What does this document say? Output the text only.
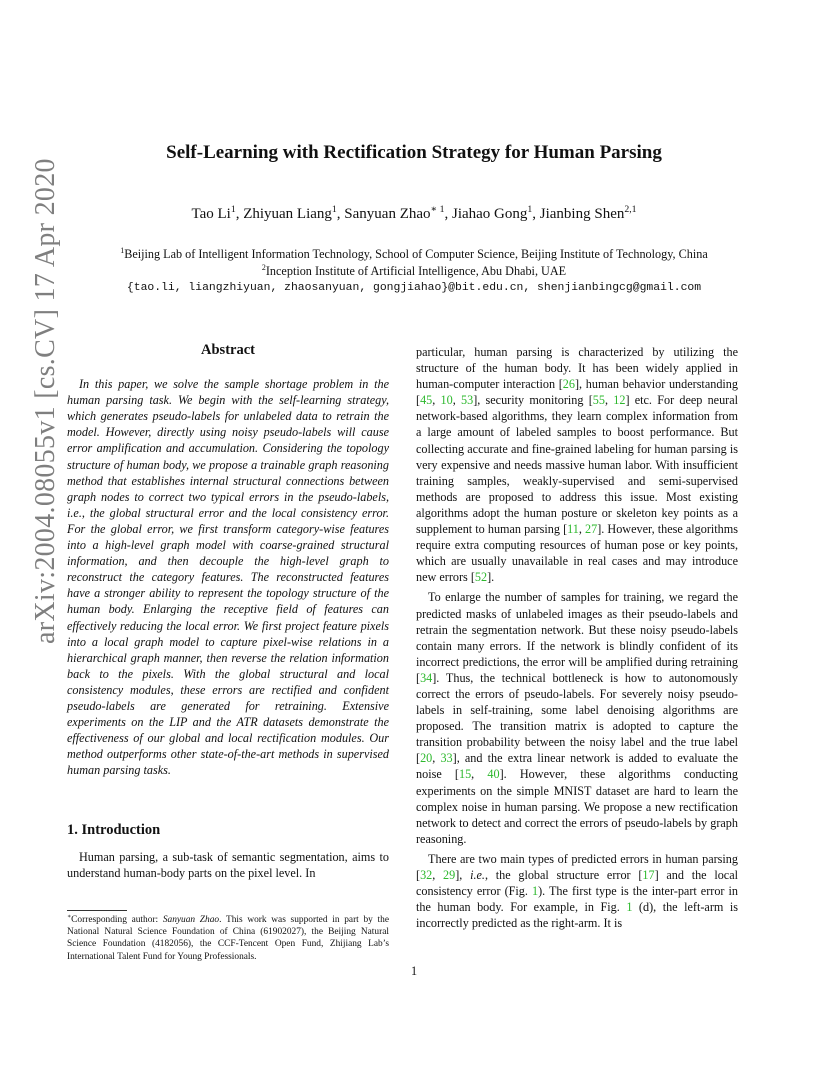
arXiv:2004.08055v1 [cs.CV] 17 Apr 2020
Self-Learning with Rectification Strategy for Human Parsing
Tao Li$^1$, Zhiyuan Liang$^1$, Sanyuan Zhao$^{∗ 1}$, Jiahao Gong$^1$, Jianbing Shen$^{2,1}$
$^1$Beijing Lab of Intelligent Information Technology, School of Computer Science, Beijing Institute of Technology, China
$^2$Inception Institute of Artificial Intelligence, Abu Dhabi, UAE
{tao.li, liangzhiyuan, zhaosanyuan, gongjiahao}@bit.edu.cn, shenjianbingcg@gmail.com
Abstract
In this paper, we solve the sample shortage problem in the human parsing task. We begin with the self-learning strategy, which generates pseudo-labels for unlabeled data to retrain the model. However, directly using noisy pseudo-labels will cause error amplification and accumulation. Considering the topology structure of human body, we propose a trainable graph reasoning method that establishes internal structural connections between graph nodes to correct two typical errors in the pseudo-labels, i.e., the global structural error and the local consistency error. For the global error, we first transform category-wise features into a high-level graph model with coarse-grained structural information, and then decouple the high-level graph to reconstruct the category features. The reconstructed features have a stronger ability to represent the topology structure of the human body. Enlarging the receptive field of features can effectively reducing the local error. We first project feature pixels into a local graph model to capture pixel-wise relations in a hierarchical graph manner, then reverse the relation information back to the pixels. With the global structural and local consistency modules, these errors are rectified and confident pseudo-labels are generated for retraining. Extensive experiments on the LIP and the ATR datasets demonstrate the effectiveness of our global and local rectification modules. Our method outperforms other state-of-the-art methods in supervised human parsing tasks.
1. Introduction
Human parsing, a sub-task of semantic segmentation, aims to understand human-body parts on the pixel level. In
∗Corresponding author: Sanyuan Zhao. This work was supported in part by the National Natural Science Foundation of China (61902027), the Beijing Natural Science Foundation (4182056), the CCF-Tencent Open Fund, Zhijiang Lab’s International Talent Fund for Young Professionals.
particular, human parsing is characterized by utilizing the structure of the human body. It has been widely applied in human-computer interaction [26], human behavior understanding [45, 10, 53], security monitoring [55, 12] etc. For deep neural network-based algorithms, they learn complex information from a large amount of labeled samples to boost performance. But collecting accurate and fine-grained labeling for human parsing is very expensive and needs massive human labor. With insufficient training samples, weakly-supervised and semi-supervised methods are proposed to address this issue. Most existing algorithms adopt the human posture or skeleton key points as a supplement to human parsing [11, 27]. However, these algorithms require extra computing resources of human pose or key points, which are usually unavailable in real cases and may introduce new errors [52].
To enlarge the number of samples for training, we regard the predicted masks of unlabeled images as their pseudo-labels and retrain the segmentation network. But these noisy pseudo-labels contain many errors. If the network is blindly confident of its incorrect predictions, the error will be amplified during retraining [34]. Thus, the technical bottleneck is how to autonomously correct the errors of pseudo-labels. For severely noisy pseudo-labels in self-training, some label denoising algorithms are proposed. The transition matrix is adopted to capture the transition probability between the noisy label and the true label [20, 33], and the extra linear network is added to evaluate the noise [15, 40]. However, these algorithms conducting experiments on the simple MNIST dataset are hard to learn the complex noise in human parsing. We propose a new rectification network to detect and correct the errors of pseudo-labels by graph reasoning.
There are two main types of predicted errors in human parsing [32, 29], i.e., the global structure error [17] and the local consistency error (Fig. 1). The first type is the inter-part error in the human body. For example, in Fig. 1 (d), the left-arm is incorrectly predicted as the right-arm. It is
1
